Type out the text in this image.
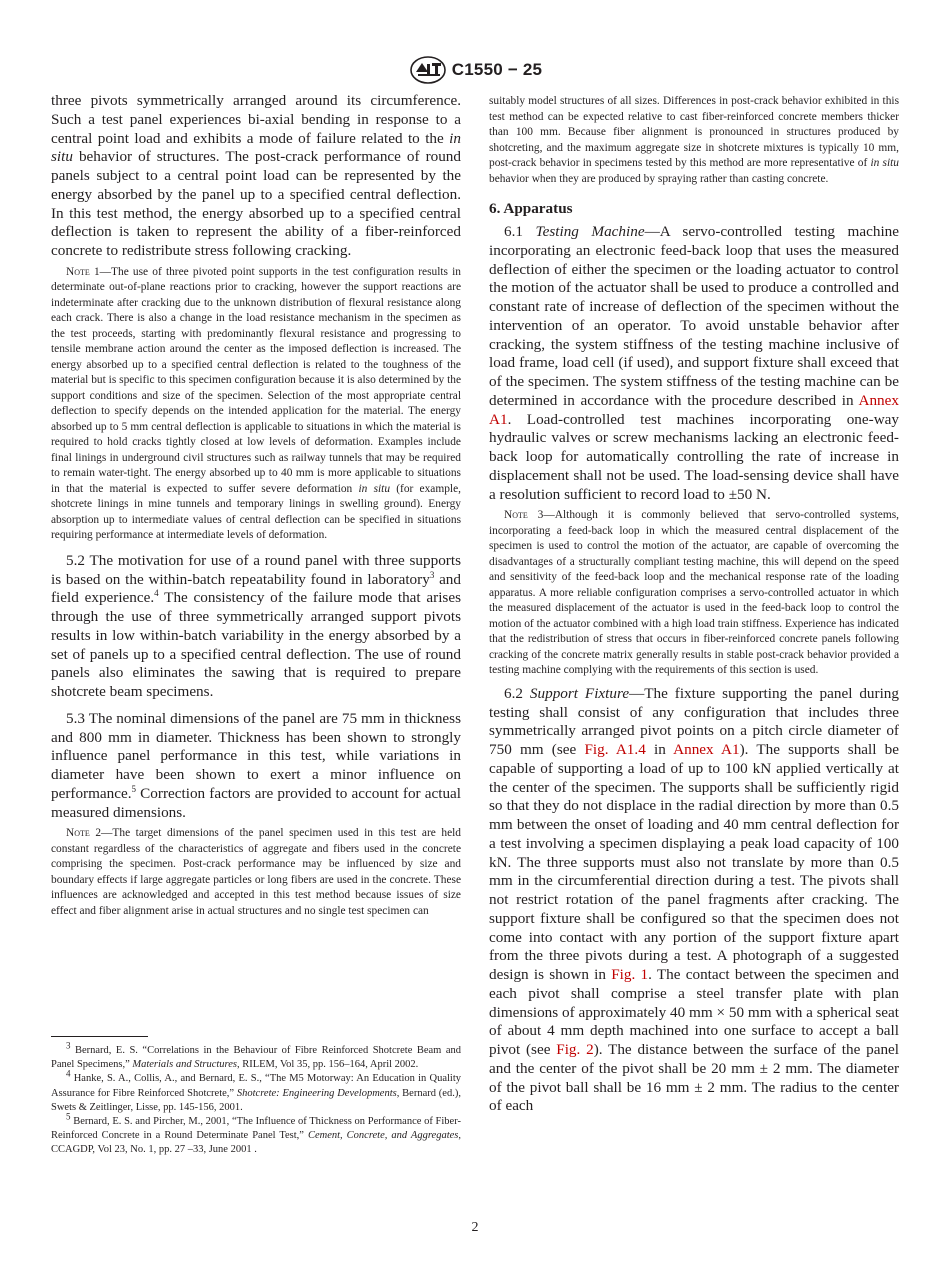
C1550 − 25

three pivots symmetrically arranged around its circumference. Such a test panel experiences bi-axial bending in response to a central point load and exhibits a mode of failure related to the in situ behavior of structures. The post-crack performance of round panels subject to a central point load can be represented by the energy absorbed by the panel up to a specified central deflection. In this test method, the energy absorbed up to a specified central deflection is taken to represent the ability of a fiber-reinforced concrete to redistribute stress following cracking.

Note 1—The use of three pivoted point supports in the test configuration results in determinate out-of-plane reactions prior to cracking, however the support reactions are indeterminate after cracking due to the unknown distribution of flexural resistance along each crack. There is also a change in the load resistance mechanism in the specimen as the test proceeds, starting with predominantly flexural resistance and progressing to tensile membrane action around the center as the imposed deflection is increased. The energy absorbed up to a specified central deflection is related to the toughness of the material but is specific to this specimen configuration because it is also determined by the support conditions and size of the specimen. Selection of the most appropriate central deflection to specify depends on the intended application for the material. The energy absorbed up to 5 mm central deflection is applicable to situations in which the material is required to hold cracks tightly closed at low levels of deformation. Examples include final linings in underground civil structures such as railway tunnels that may be required to remain water-tight. The energy absorbed up to 40 mm is more applicable to situations in that the material is expected to suffer severe deformation in situ (for example, shotcrete linings in mine tunnels and temporary linings in swelling ground). Energy absorption up to intermediate values of central deflection can be specified in situations requiring performance at intermediate levels of deformation.

5.2 The motivation for use of a round panel with three supports is based on the within-batch repeatability found in laboratory$^3$ and field experience.$^4$ The consistency of the failure mode that arises through the use of three symmetrically arranged support pivots results in low within-batch variability in the energy absorbed by a set of panels up to a specified central deflection. The use of round panels also eliminates the sawing that is required to prepare shotcrete beam specimens.

5.3 The nominal dimensions of the panel are 75 mm in thickness and 800 mm in diameter. Thickness has been shown to strongly influence panel performance in this test, while variations in diameter have been shown to exert a minor influence on performance.$^5$ Correction factors are provided to account for actual measured dimensions.

Note 2—The target dimensions of the panel specimen used in this test are held constant regardless of the characteristics of aggregate and fibers used in the concrete comprising the specimen. Post-crack performance may be influenced by size and boundary effects if large aggregate particles or long fibers are used in the concrete. These influences are acknowledged and accepted in this test method because issues of size effect and fiber alignment arise in actual structures and no single test specimen can

$^3$ Bernard, E. S. “Correlations in the Behaviour of Fibre Reinforced Shotcrete Beam and Panel Specimens,” Materials and Structures, RILEM, Vol 35, pp. 156–164, April 2002.

$^4$ Hanke, S. A., Collis, A., and Bernard, E. S., “The M5 Motorway: An Education in Quality Assurance for Fibre Reinforced Shotcrete,” Shotcrete: Engineering Developments, Bernard (ed.), Swets & Zeitlinger, Lisse, pp. 145-156, 2001.

$^5$ Bernard, E. S. and Pircher, M., 2001, “The Influence of Thickness on Performance of Fiber-Reinforced Concrete in a Round Determinate Panel Test,” Cement, Concrete, and Aggregates, CCAGDP, Vol 23, No. 1, pp. 27 –33, June 2001 .

suitably model structures of all sizes. Differences in post-crack behavior exhibited in this test method can be expected relative to cast fiber-reinforced concrete members thicker than 100 mm. Because fiber alignment is pronounced in structures produced by shotcreting, and the maximum aggregate size in shotcrete mixtures is typically 10 mm, post-crack behavior in specimens tested by this method are more representative of in situ behavior when they are produced by spraying rather than casting concrete.

6. Apparatus

6.1 Testing Machine—A servo-controlled testing machine incorporating an electronic feed-back loop that uses the measured deflection of either the specimen or the loading actuator to control the motion of the actuator shall be used to produce a controlled and constant rate of increase of deflection of the specimen without the intervention of an operator. To avoid unstable behavior after cracking, the system stiffness of the testing machine inclusive of load frame, load cell (if used), and support fixture shall exceed that of the specimen. The system stiffness of the testing machine can be determined in accordance with the procedure described in Annex A1. Load-controlled test machines incorporating one-way hydraulic valves or screw mechanisms lacking an electronic feed-back loop for automatically controlling the rate of increase in displacement shall not be used. The load-sensing device shall have a resolution sufficient to record load to ±50 N.

Note 3—Although it is commonly believed that servo-controlled systems, incorporating a feed-back loop in which the measured central displacement of the specimen is used to control the motion of the actuator, are capable of overcoming the disadvantages of a structurally compliant testing machine, this will depend on the speed and sensitivity of the feed-back loop and the mechanical response rate of the loading apparatus. A more reliable configuration comprises a servo-controlled actuator in which the measured displacement of the actuator is used in the feed-back loop to control the motion of the actuator combined with a high load train stiffness. Experience has indicated that the redistribution of stress that occurs in fiber-reinforced concrete panels following cracking of the concrete matrix generally results in stable post-crack behavior provided a testing machine complying with the requirements of this section is used.

6.2 Support Fixture—The fixture supporting the panel during testing shall consist of any configuration that includes three symmetrically arranged pivot points on a pitch circle diameter of 750 mm (see Fig. A1.4 in Annex A1). The supports shall be capable of supporting a load of up to 100 kN applied vertically at the center of the specimen. The supports shall be sufficiently rigid so that they do not displace in the radial direction by more than 0.5 mm between the onset of loading and 40 mm central deflection for a test involving a specimen displaying a peak load capacity of 100 kN. The three supports must also not translate by more than 0.5 mm in the circumferential direction during a test. The pivots shall not restrict rotation of the panel fragments after cracking. The support fixture shall be configured so that the specimen does not come into contact with any portion of the support fixture apart from the three pivots during a test. A photograph of a suggested design is shown in Fig. 1. The contact between the specimen and each pivot shall comprise a steel transfer plate with plan dimensions of approximately 40 mm × 50 mm with a spherical seat of about 4 mm depth machined into one surface to accept a ball pivot (see Fig. 2). The distance between the surface of the panel and the center of the pivot shall be 20 mm ± 2 mm. The diameter of the pivot ball shall be 16 mm ± 2 mm. The radius to the center of each

2
